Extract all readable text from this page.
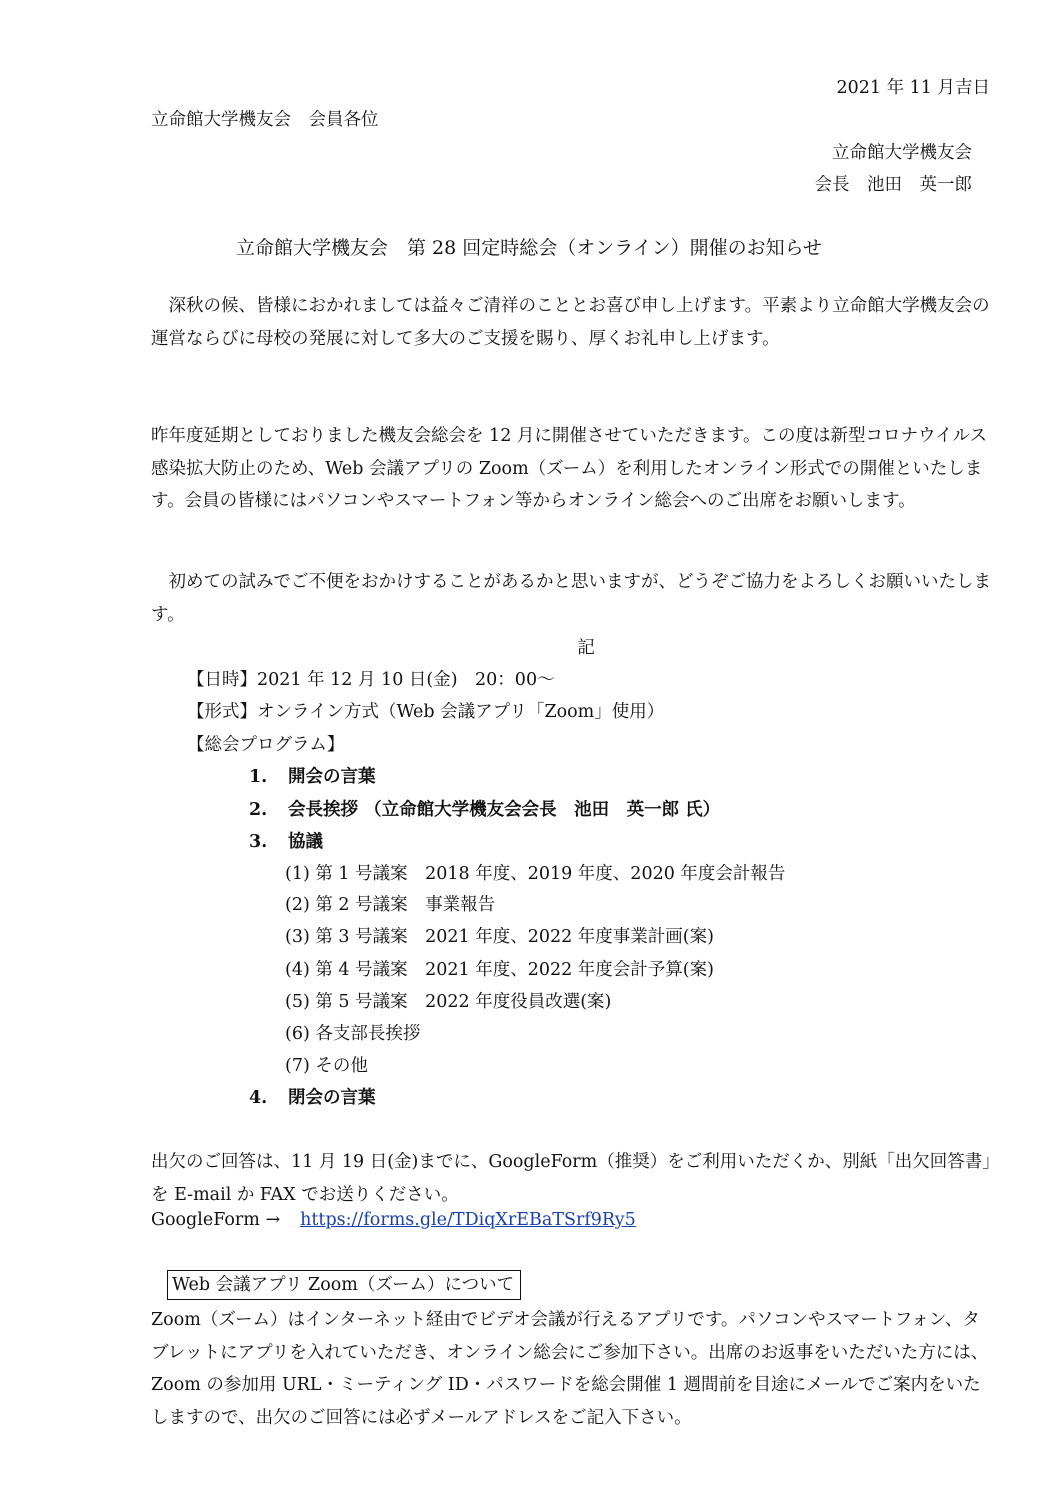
2021 年 11 月吉日
立命館大学機友会　会員各位
立命館大学機友会
会長　池田　英一郎
立命館大学機友会　第 28 回定時総会（オンライン）開催のお知らせ
　深秋の候、皆様におかれましては益々ご清祥のこととお喜び申し上げます。平素より立命館大学機友会の運営ならびに母校の発展に対して多大のご支援を賜り、厚くお礼申し上げます。
昨年度延期としておりました機友会総会を 12 月に開催させていただきます。この度は新型コロナウイルス感染拡大防止のため、Web 会議アプリの Zoom（ズーム）を利用したオンライン形式での開催といたします。会員の皆様にはパソコンやスマートフォン等からオンライン総会へのご出席をお願いします。
　初めての試みでご不便をおかけすることがあるかと思いますが、どうぞご協力をよろしくお願いいたします。
記
【日時】2021 年 12 月 10 日(金)　20：00～
【形式】オンライン方式（Web 会議アプリ「Zoom」使用）
【総会プログラム】
1. 開会の言葉
2. 会長挨拶 （立命館大学機友会会長　池田　英一郎 氏）
3. 協議
(1) 第 1 号議案　2018 年度、2019 年度、2020 年度会計報告
(2) 第 2 号議案　事業報告
(3) 第 3 号議案　2021 年度、2022 年度事業計画(案)
(4) 第 4 号議案　2021 年度、2022 年度会計予算(案)
(5) 第 5 号議案　2022 年度役員改選(案)
(6) 各支部長挨拶
(7) その他
4. 閉会の言葉
出欠のご回答は、11 月 19 日(金)までに、GoogleForm（推奨）をご利用いただくか、別紙「出欠回答書」を E-mail か FAX でお送りください。
GoogleForm → https://forms.gle/TDiqXrEBaTSrf9Ry5
Web 会議アプリ Zoom（ズーム）について
Zoom（ズーム）はインターネット経由でビデオ会議が行えるアプリです。パソコンやスマートフォン、タブレットにアプリを入れていただき、オンライン総会にご参加下さい。出席のお返事をいただいた方には、Zoom の参加用 URL・ミーティング ID・パスワードを総会開催 1 週間前を目途にメールでご案内をいたしますので、出欠のご回答には必ずメールアドレスをご記入下さい。
